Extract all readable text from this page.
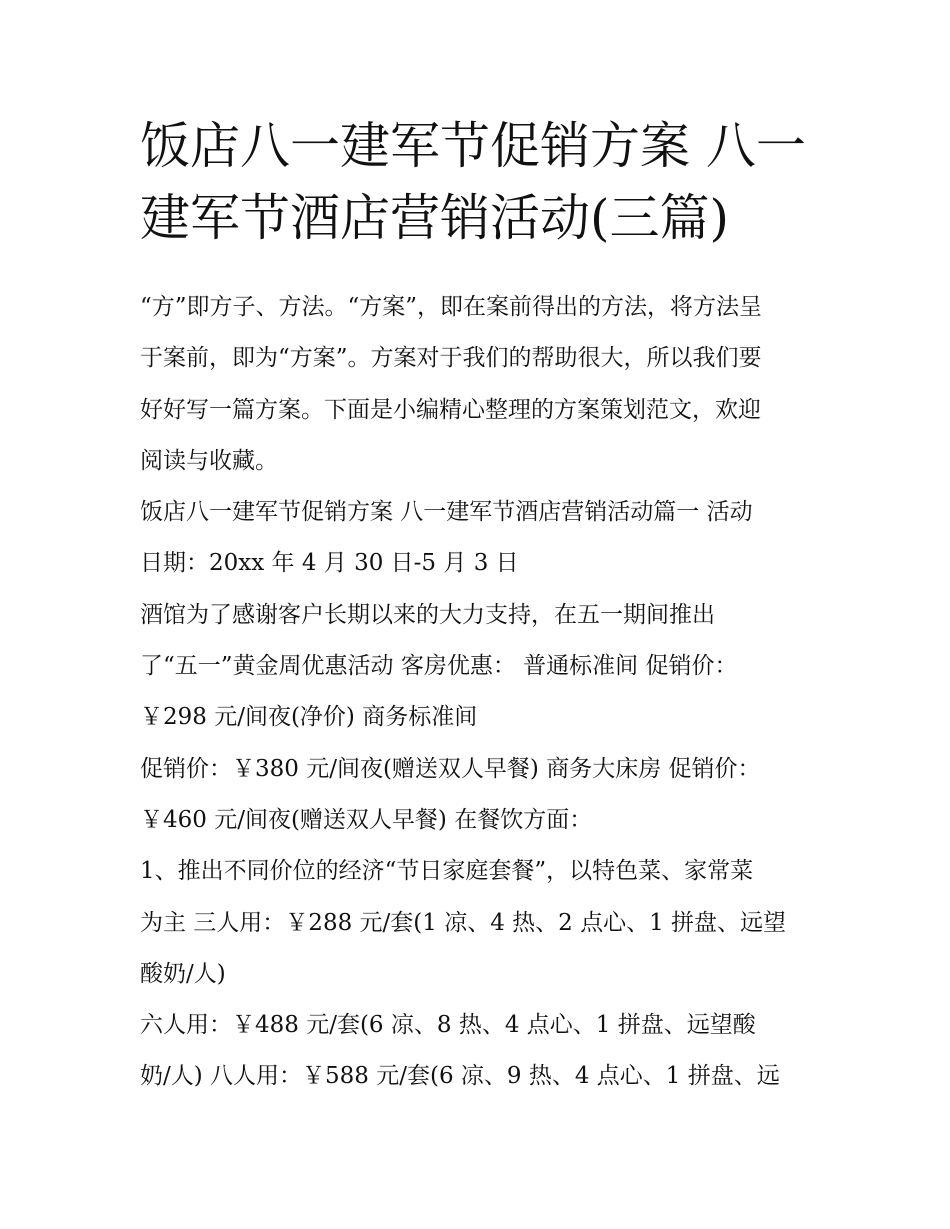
饭店八一建军节促销方案 八一
建军节酒店营销活动(三篇)
“方”即方子、方法。“方案”，即在案前得出的方法，将方法呈
于案前，即为“方案”。方案对于我们的帮助很大，所以我们要
好好写一篇方案。下面是小编精心整理的方案策划范文，欢迎
阅读与收藏。
饭店八一建军节促销方案 八一建军节酒店营销活动篇一 活动
日期：20xx 年 4 月 30 日-5 月 3 日
酒馆为了感谢客户长期以来的大力支持，在五一期间推出
了“五一”黄金周优惠活动 客房优惠： 普通标准间 促销价：
￥298 元/间夜(净价) 商务标准间
促销价：￥380 元/间夜(赠送双人早餐) 商务大床房 促销价：
￥460 元/间夜(赠送双人早餐) 在餐饮方面：
1、推出不同价位的经济“节日家庭套餐”，以特色菜、家常菜
为主 三人用：￥288 元/套(1 凉、4 热、2 点心、1 拼盘、远望
酸奶/人)
六人用：￥488 元/套(6 凉、8 热、4 点心、1 拼盘、远望酸
奶/人) 八人用：￥588 元/套(6 凉、9 热、4 点心、1 拼盘、远
